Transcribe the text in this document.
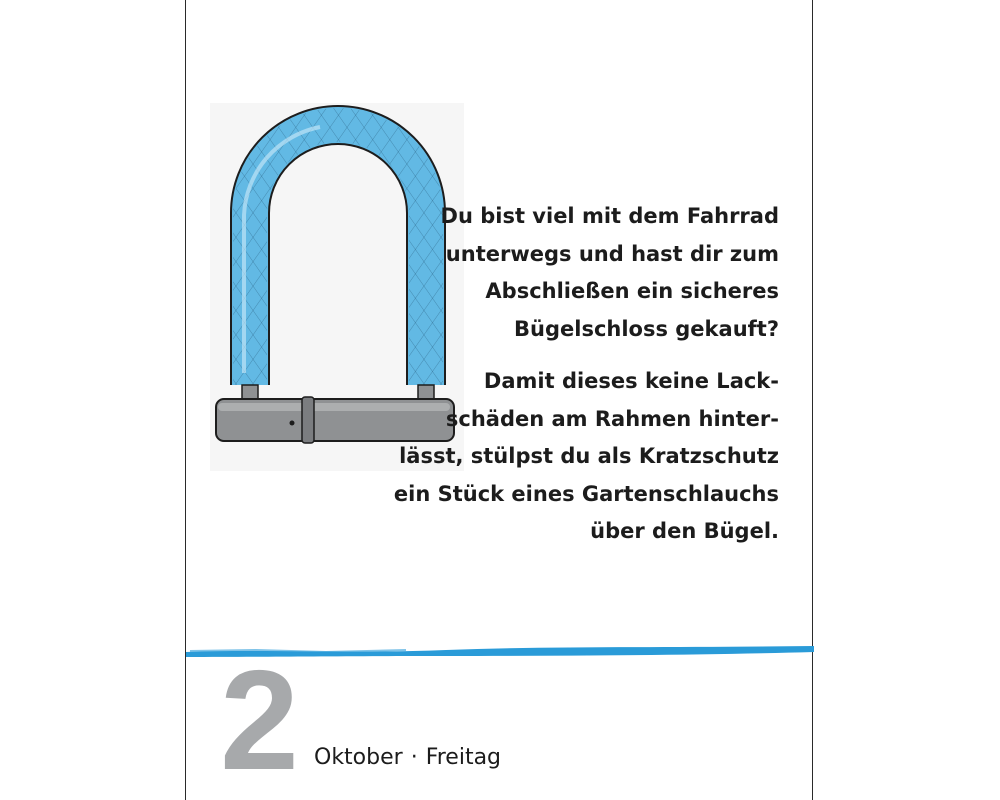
Du bist viel mit dem Fahrrad unterwegs und hast dir zum Abschließen ein sicheres Bügelschloss gekauft?

Damit dieses keine Lack-schäden am Rahmen hinter-lässt, stülpst du als Kratzschutz ein Stück eines Gartenschlauchs über den Bügel.

2 Oktober · Freitag
